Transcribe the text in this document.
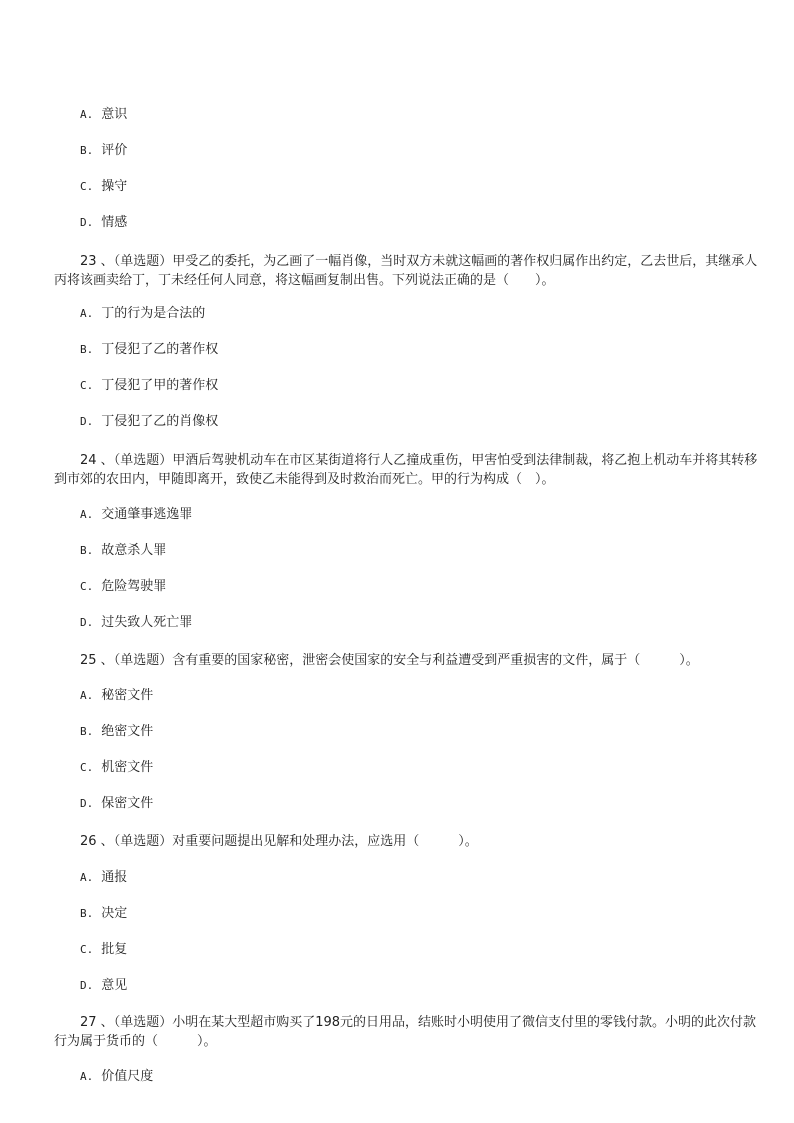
A. 意识
B. 评价
C. 操守
D. 情感
23 、（单选题）甲受乙的委托，为乙画了一幅肖像，当时双方未就这幅画的著作权归属作出约定，乙去世后，其继承人丙将该画卖给丁，丁未经任何人同意，将这幅画复制出售。下列说法正确的是（　　）。
A. 丁的行为是合法的
B. 丁侵犯了乙的著作权
C. 丁侵犯了甲的著作权
D. 丁侵犯了乙的肖像权
24 、（单选题）甲酒后驾驶机动车在市区某街道将行人乙撞成重伤，甲害怕受到法律制裁，将乙抱上机动车并将其转移到市郊的农田内，甲随即离开，致使乙未能得到及时救治而死亡。甲的行为构成（　）。
A. 交通肇事逃逸罪
B. 故意杀人罪
C. 危险驾驶罪
D. 过失致人死亡罪
25 、（单选题）含有重要的国家秘密，泄密会使国家的安全与利益遭受到严重损害的文件，属于（　　　）。
A. 秘密文件
B. 绝密文件
C. 机密文件
D. 保密文件
26 、（单选题）对重要问题提出见解和处理办法，应选用（　　　）。
A. 通报
B. 决定
C. 批复
D. 意见
27 、（单选题）小明在某大型超市购买了198元的日用品，结账时小明使用了微信支付里的零钱付款。小明的此次付款行为属于货币的（　　　）。
A. 价值尺度
